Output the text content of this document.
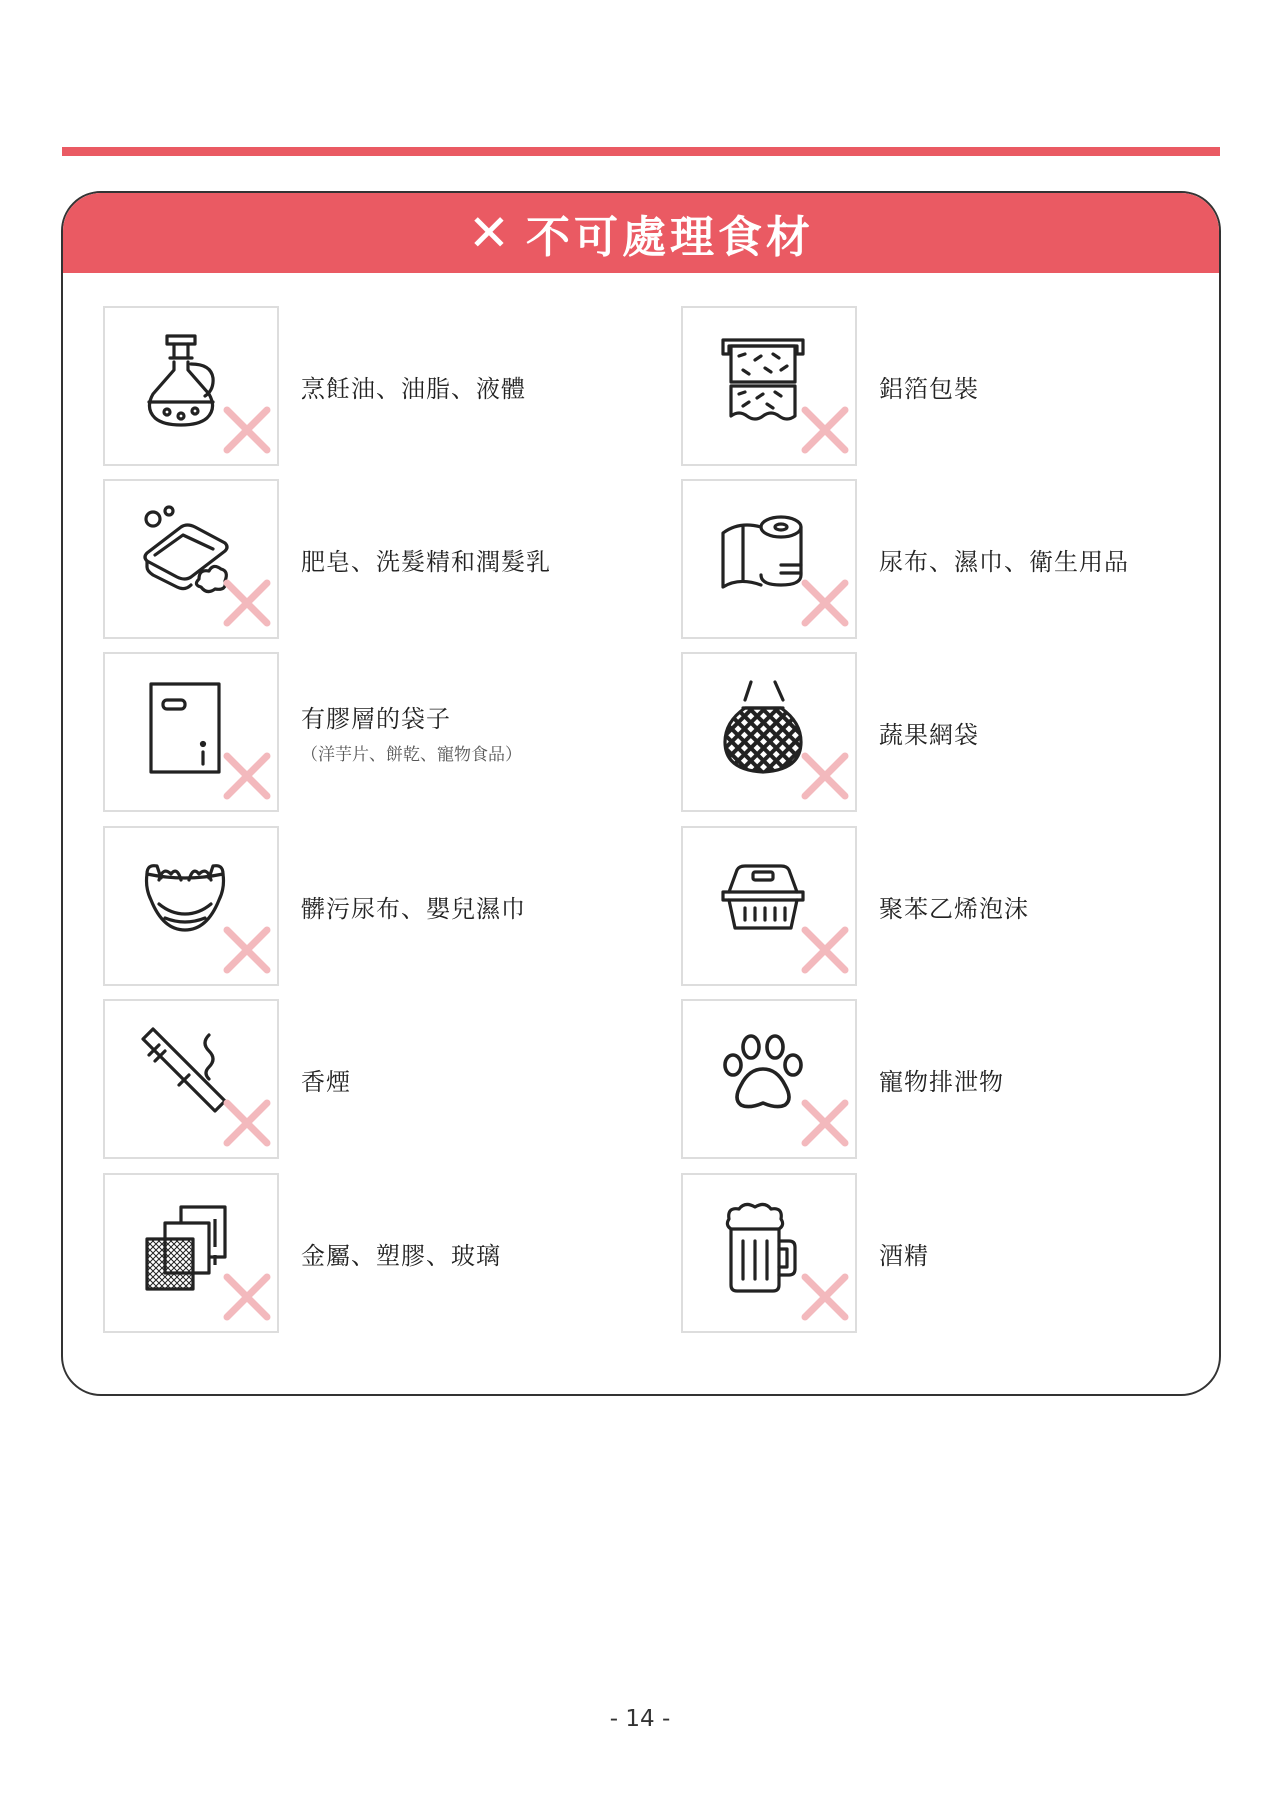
✕ 不可處理食材
烹飪油、油脂、液體
肥皂、洗髮精和潤髮乳
有膠層的袋子
（洋芋片、餅乾、寵物食品）
髒污尿布、嬰兒濕巾
香煙
金屬、塑膠、玻璃
鋁箔包裝
尿布、濕巾、衛生用品
蔬果網袋
聚苯乙烯泡沫
寵物排泄物
酒精
- 14 -
